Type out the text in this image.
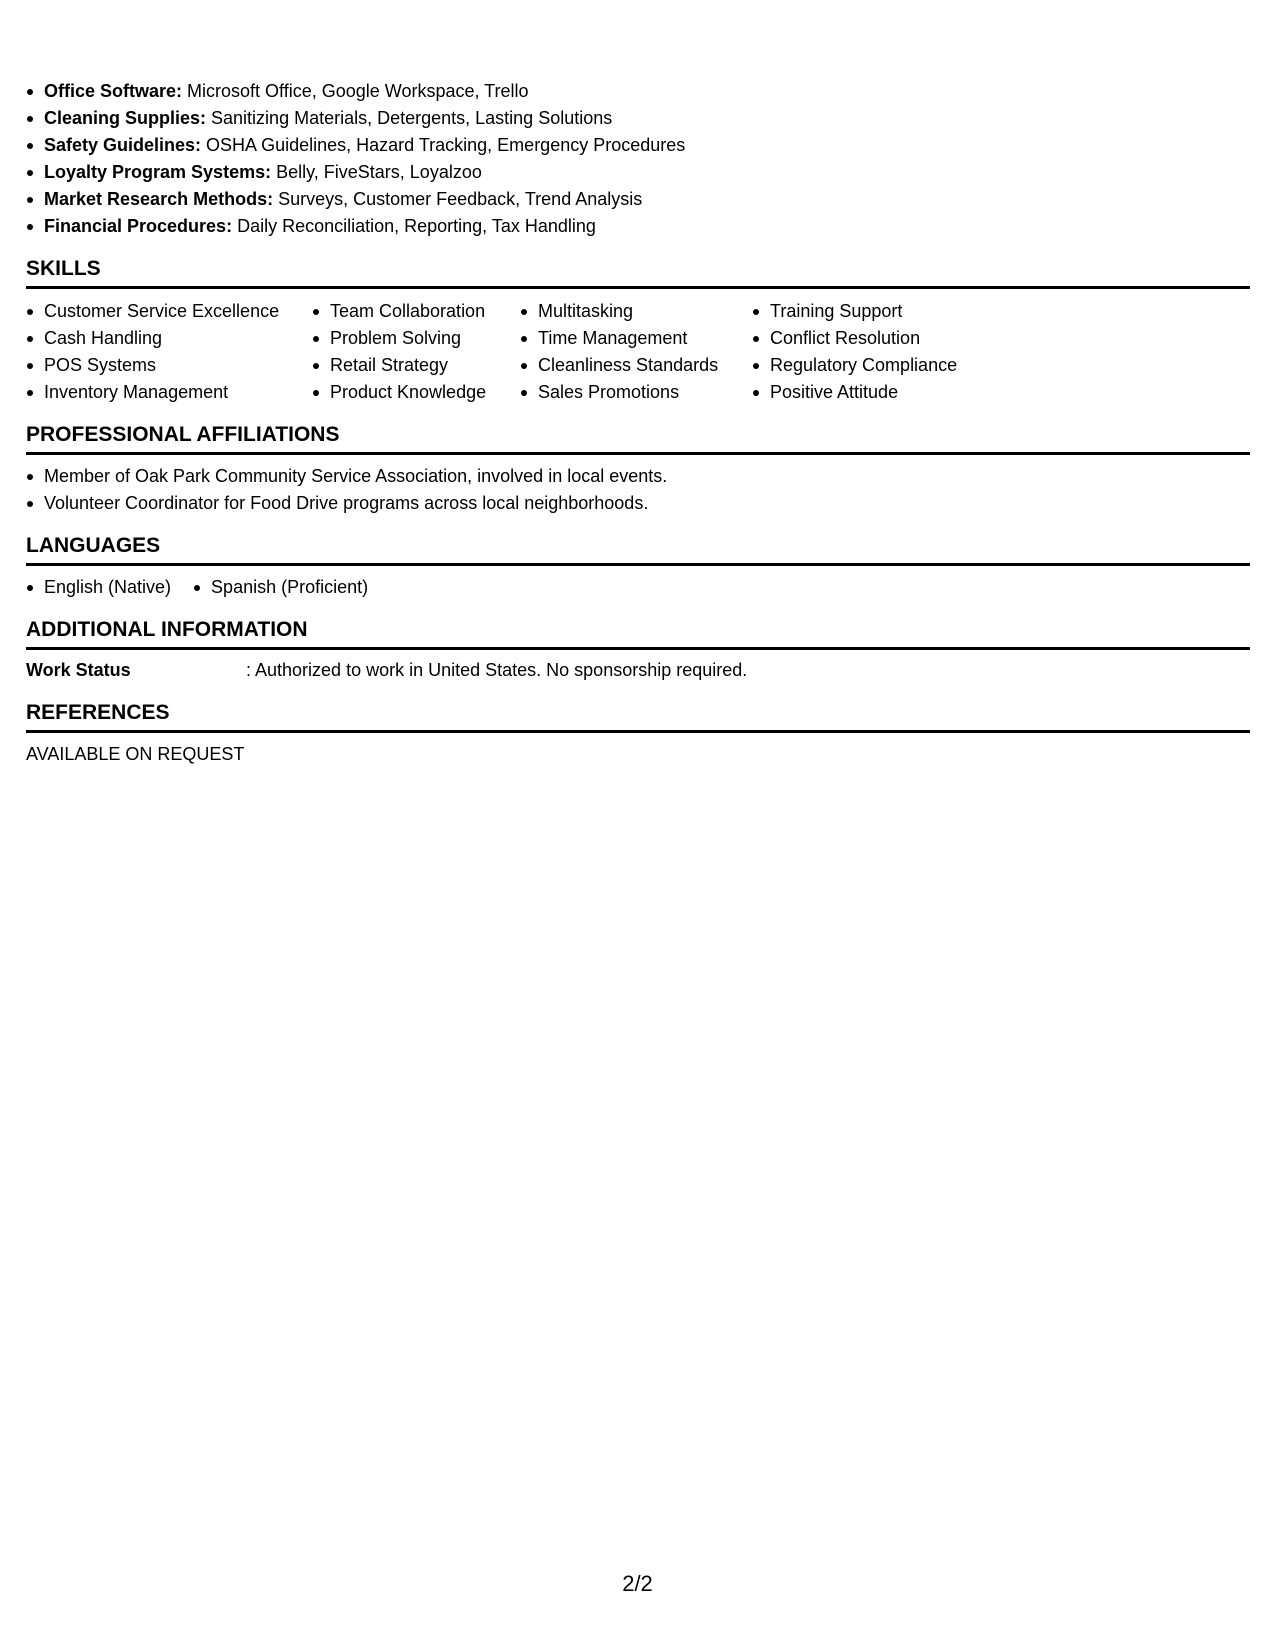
Office Software: Microsoft Office, Google Workspace, Trello
Cleaning Supplies: Sanitizing Materials, Detergents, Lasting Solutions
Safety Guidelines: OSHA Guidelines, Hazard Tracking, Emergency Procedures
Loyalty Program Systems: Belly, FiveStars, Loyalzoo
Market Research Methods: Surveys, Customer Feedback, Trend Analysis
Financial Procedures: Daily Reconciliation, Reporting, Tax Handling
SKILLS
Customer Service Excellence
Cash Handling
POS Systems
Inventory Management
Team Collaboration
Problem Solving
Retail Strategy
Product Knowledge
Multitasking
Time Management
Cleanliness Standards
Sales Promotions
Training Support
Conflict Resolution
Regulatory Compliance
Positive Attitude
PROFESSIONAL AFFILIATIONS
Member of Oak Park Community Service Association, involved in local events.
Volunteer Coordinator for Food Drive programs across local neighborhoods.
LANGUAGES
English (Native)	Spanish (Proficient)
ADDITIONAL INFORMATION
Work Status	: Authorized to work in United States. No sponsorship required.
REFERENCES
AVAILABLE ON REQUEST
2/2
